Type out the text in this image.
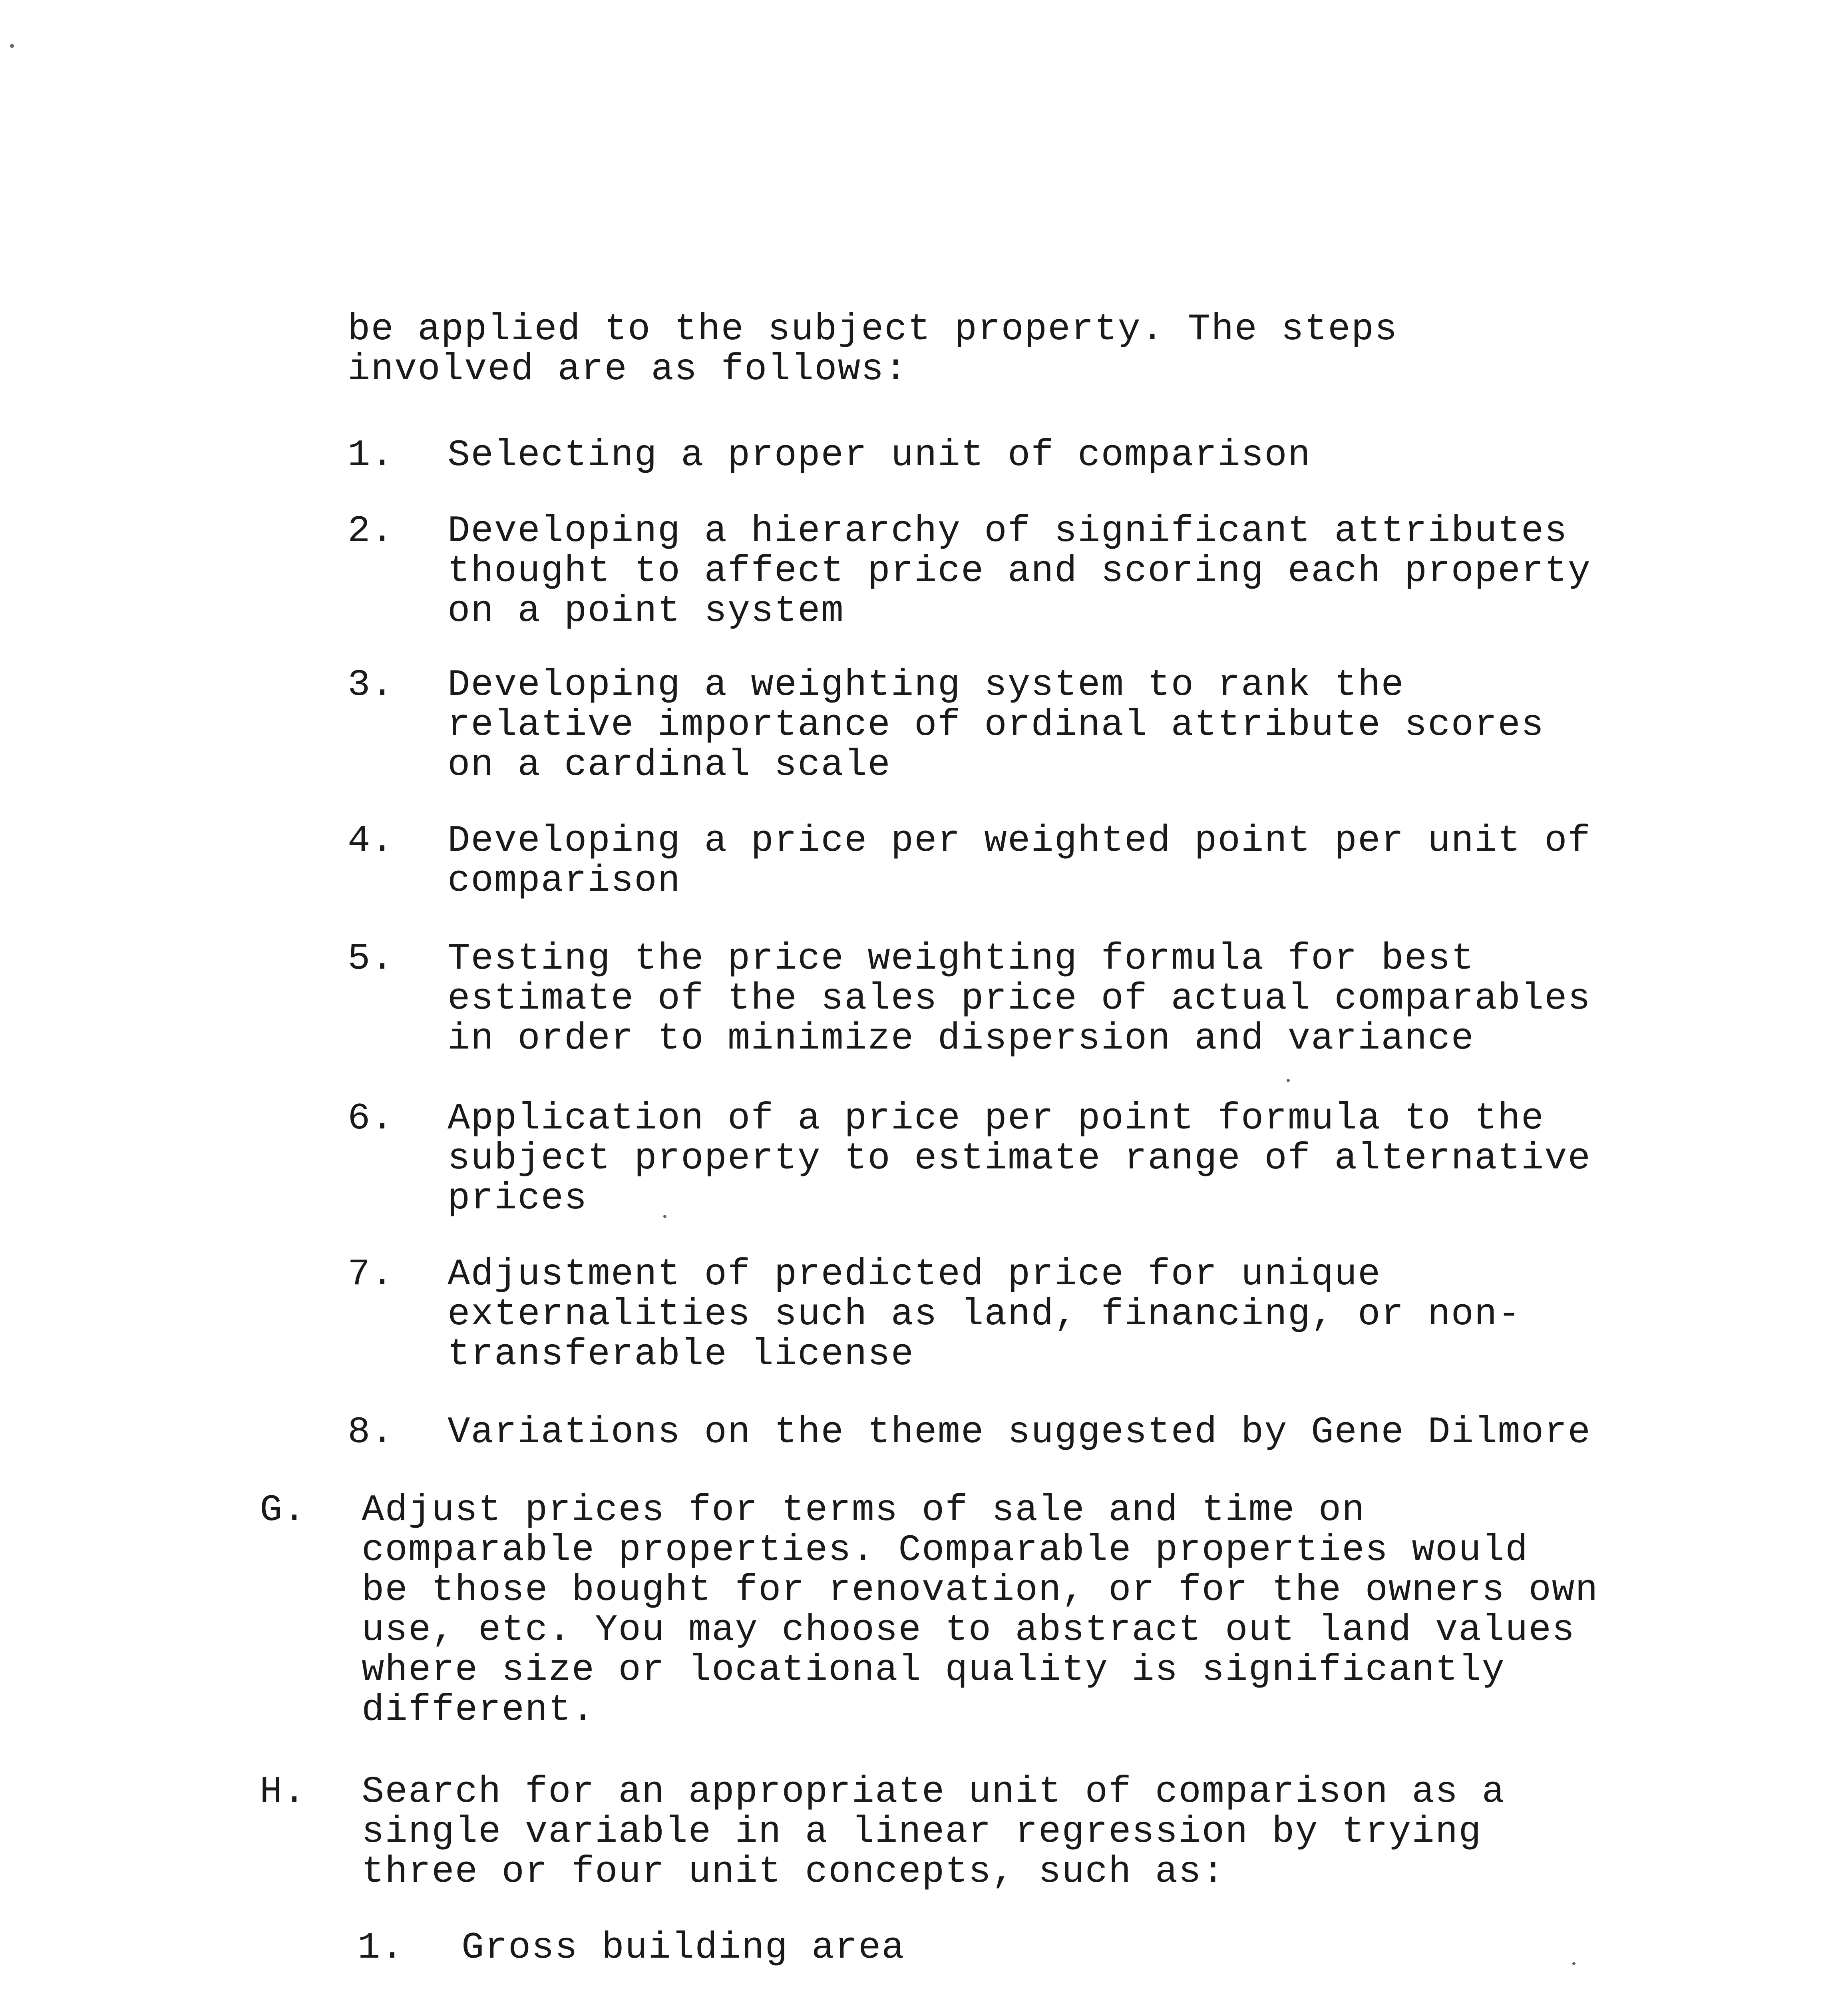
be applied to the subject property. The steps
involved are as follows:
1.	Selecting a proper unit of comparison
2.	Developing a hierarchy of significant attributes
thought to affect price and scoring each property
on a point system
3.	Developing a weighting system to rank the
relative importance of ordinal attribute scores
on a cardinal scale
4.	Developing a price per weighted point per unit of
comparison
5.	Testing the price weighting formula for best
estimate of the sales price of actual comparables
in order to minimize dispersion and variance
6.	Application of a price per point formula to the
subject property to estimate range of alternative
prices
7.	Adjustment of predicted price for unique
externalities such as land, financing, or non-
transferable license
8.	Variations on the theme suggested by Gene Dilmore
G.	Adjust prices for terms of sale and time on
comparable properties. Comparable properties would
be those bought for renovation, or for the owners own
use, etc. You may choose to abstract out land values
where size or locational quality is significantly
different.
H.	Search for an appropriate unit of comparison as a
single variable in a linear regression by trying
three or four unit concepts, such as:
1.	Gross building area
